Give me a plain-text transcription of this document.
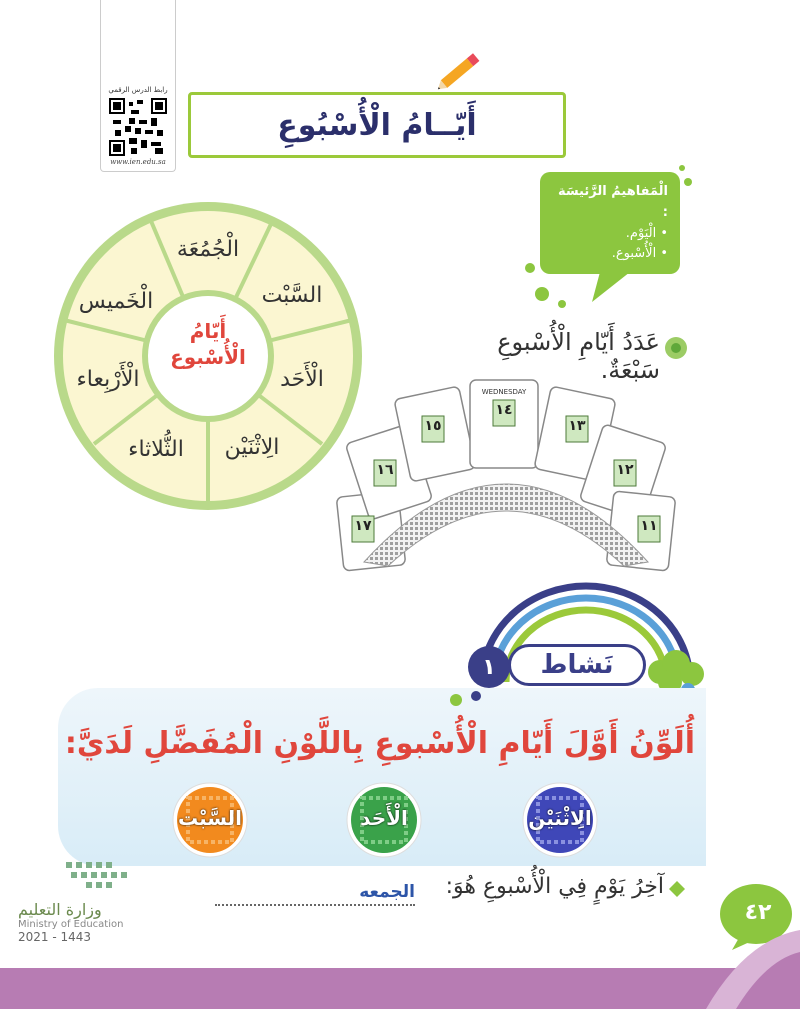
رابط الدرس الرقمي
www.ien.edu.sa
أَيّــامُ الْأُسْبُوعِ
الْمَفاهيمُ الرَّئيسَة :
• الْيَوْم.
• الْأُسْبوع.
عَدَدُ أَيّامِ الْأُسْبوعِ سَبْعَةٌ.
أَيّامُ
الْأُسْبوع
الْجُمُعَة
السَّبْت
الْأَحَد
الِاثْنَيْن
الثُّلاثاء
الْأَرْبِعاء
الْخَميس
١٧
١٦
١٥
WEDNESDAY
١٤
١٣
١٢
١١
١	نَشاط
أُلَوِّنُ أَوَّلَ أَيّامِ الْأُسْبوعِ بِاللَّوْنِ الْمُفَضَّلِ لَدَيَّ:
السَّبْت	الْأَحَد	الِاثْنَيْن
آخِرُ يَوْمٍ فِي الْأُسْبوعِ هُوَ:
الجمعه
وزارة التعليم
Ministry of Education
2021 - 1443
٤٢
